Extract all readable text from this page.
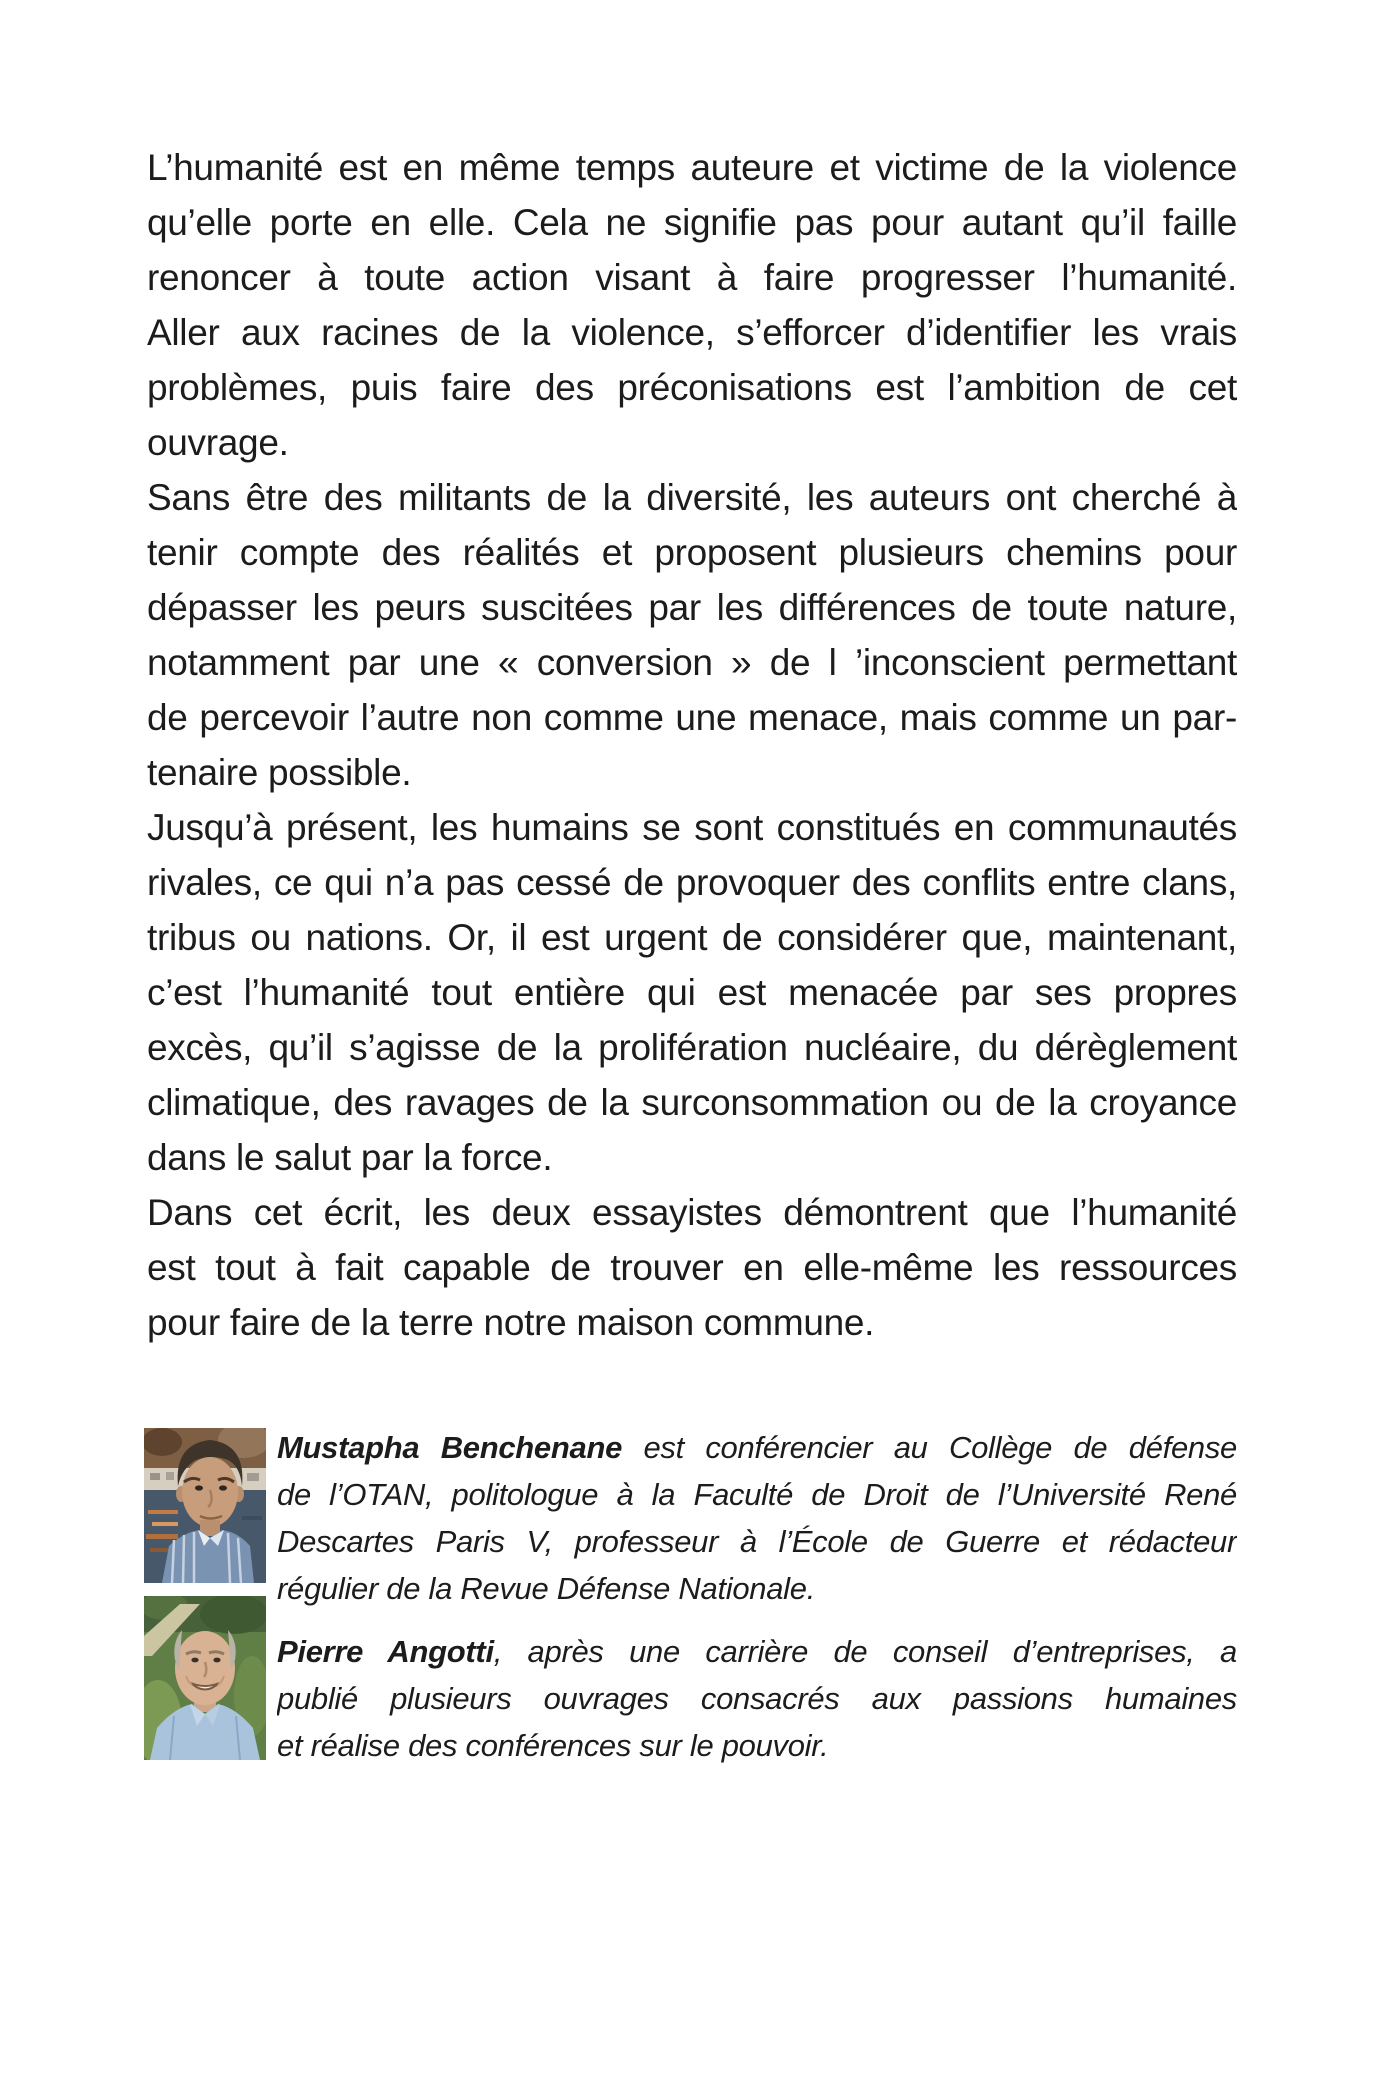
L’humanité est en même temps auteure et victime de la violence
qu’elle porte en elle. Cela ne signifie pas pour autant qu’il faille
renoncer à toute action visant à faire progresser l’humanité.
Aller aux racines de la violence, s’efforcer d’identifier les vrais
problèmes, puis faire des préconisations est l’ambition de cet
ouvrage.
Sans être des militants de la diversité, les auteurs ont cherché à
tenir compte des réalités et proposent plusieurs chemins pour
dépasser les peurs suscitées par les différences de toute nature,
notamment par une « conversion » de l ’inconscient permettant
de percevoir l’autre non comme une menace, mais comme un par-
tenaire possible.
Jusqu’à présent, les humains se sont constitués en communautés
rivales, ce qui n’a pas cessé de provoquer des conflits entre clans,
tribus ou nations. Or, il est urgent de considérer que, maintenant,
c’est l’humanité tout entière qui est menacée par ses propres
excès, qu’il s’agisse de la prolifération nucléaire, du dérèglement
climatique, des ravages de la surconsommation ou de la croyance
dans le salut par la force.
Dans cet écrit, les deux essayistes démontrent que l’humanité
est tout à fait capable de trouver en elle-même les ressources
pour faire de la terre notre maison commune.
Mustapha Benchenane est conférencier au Collège de défense
de l’OTAN, politologue à la Faculté de Droit de l’Université René
Descartes Paris V, professeur à l’École de Guerre et rédacteur
régulier de la Revue Défense Nationale.
Pierre Angotti, après une carrière de conseil d’entreprises, a
publié plusieurs ouvrages consacrés aux passions humaines
et réalise des conférences sur le pouvoir.
